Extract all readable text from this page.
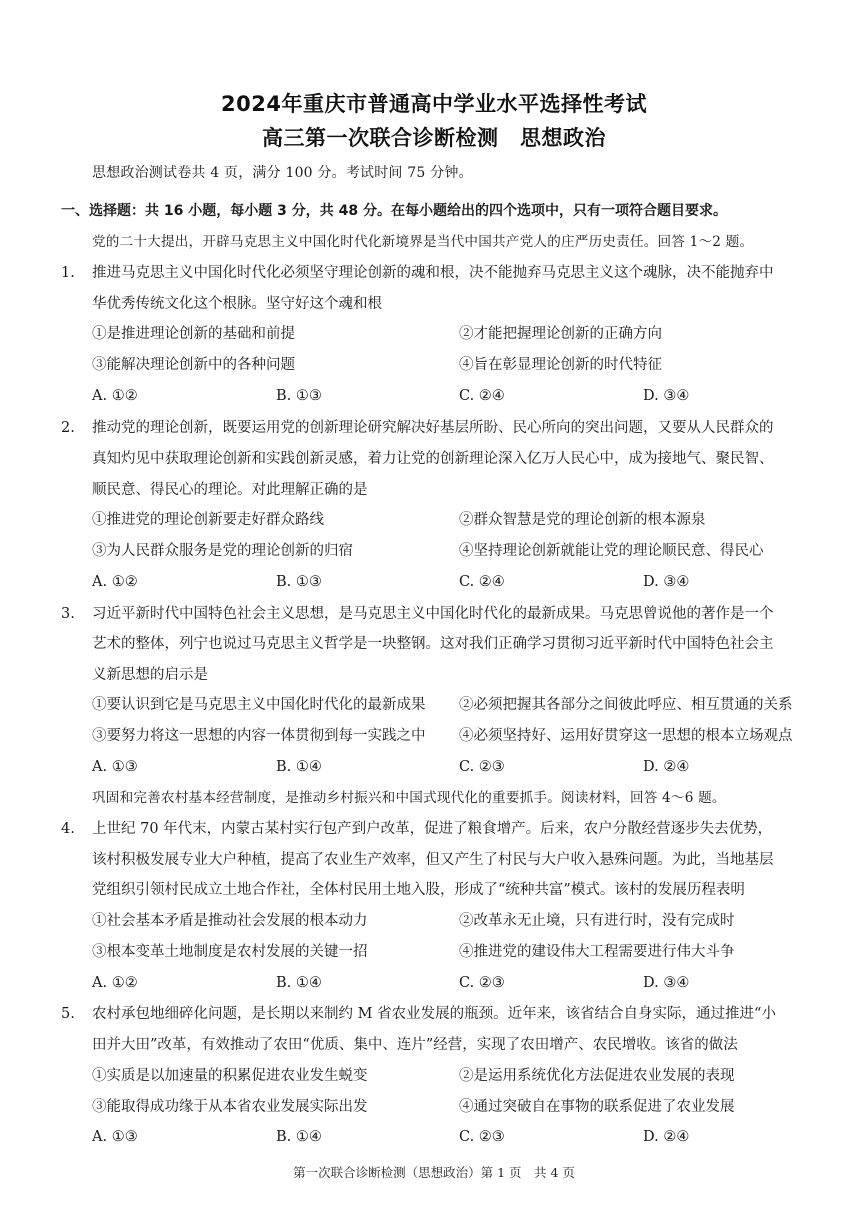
2024年重庆市普通高中学业水平选择性考试
高三第一次联合诊断检测　思想政治
思想政治测试卷共 4 页，满分 100 分。考试时间 75 分钟。
一、选择题：共 16 小题，每小题 3 分，共 48 分。在每小题给出的四个选项中，只有一项符合题目要求。
党的二十大提出，开辟马克思主义中国化时代化新境界是当代中国共产党人的庄严历史责任。回答 1～2 题。
1. 推进马克思主义中国化时代化必须坚守理论创新的魂和根，决不能抛弃马克思主义这个魂脉，决不能抛弃中
华优秀传统文化这个根脉。坚守好这个魂和根
①是推进理论创新的基础和前提	②才能把握理论创新的正确方向
③能解决理论创新中的各种问题	④旨在彰显理论创新的时代特征
A. ①②	B. ①③	C. ②④	D. ③④
2. 推动党的理论创新，既要运用党的创新理论研究解决好基层所盼、民心所向的突出问题，又要从人民群众的
真知灼见中获取理论创新和实践创新灵感，着力让党的创新理论深入亿万人民心中，成为接地气、聚民智、
顺民意、得民心的理论。对此理解正确的是
①推进党的理论创新要走好群众路线	②群众智慧是党的理论创新的根本源泉
③为人民群众服务是党的理论创新的归宿	④坚持理论创新就能让党的理论顺民意、得民心
A. ①②	B. ①③	C. ②④	D. ③④
3. 习近平新时代中国特色社会主义思想，是马克思主义中国化时代化的最新成果。马克思曾说他的著作是一个
艺术的整体，列宁也说过马克思主义哲学是一块整钢。这对我们正确学习贯彻习近平新时代中国特色社会主
义新思想的启示是
①要认识到它是马克思主义中国化时代化的最新成果 ②必须把握其各部分之间彼此呼应、相互贯通的关系
③要努力将这一思想的内容一体贯彻到每一实践之中 ④必须坚持好、运用好贯穿这一思想的根本立场观点
A. ①③	B. ①④	C. ②③	D. ②④
巩固和完善农村基本经营制度，是推动乡村振兴和中国式现代化的重要抓手。阅读材料，回答 4～6 题。
4. 上世纪 70 年代末，内蒙古某村实行包产到户改革，促进了粮食增产。后来，农户分散经营逐步失去优势，
该村积极发展专业大户种植，提高了农业生产效率，但又产生了村民与大户收入悬殊问题。为此，当地基层
党组织引领村民成立土地合作社，全体村民用土地入股，形成了“统种共富”模式。该村的发展历程表明
①社会基本矛盾是推动社会发展的根本动力	②改革永无止境，只有进行时，没有完成时
③根本变革土地制度是农村发展的关键一招	④推进党的建设伟大工程需要进行伟大斗争
A. ①②	B. ①④	C. ②③	D. ③④
5. 农村承包地细碎化问题，是长期以来制约 M 省农业发展的瓶颈。近年来，该省结合自身实际，通过推进“小
田并大田”改革，有效推动了农田“优质、集中、连片”经营，实现了农田增产、农民增收。该省的做法
①实质是以加速量的积累促进农业发生蜕变	②是运用系统优化方法促进农业发展的表现
③能取得成功缘于从本省农业发展实际出发	④通过突破自在事物的联系促进了农业发展
A. ①③	B. ①④	C. ②③	D. ②④
第一次联合诊断检测（思想政治）第 1 页　共 4 页
